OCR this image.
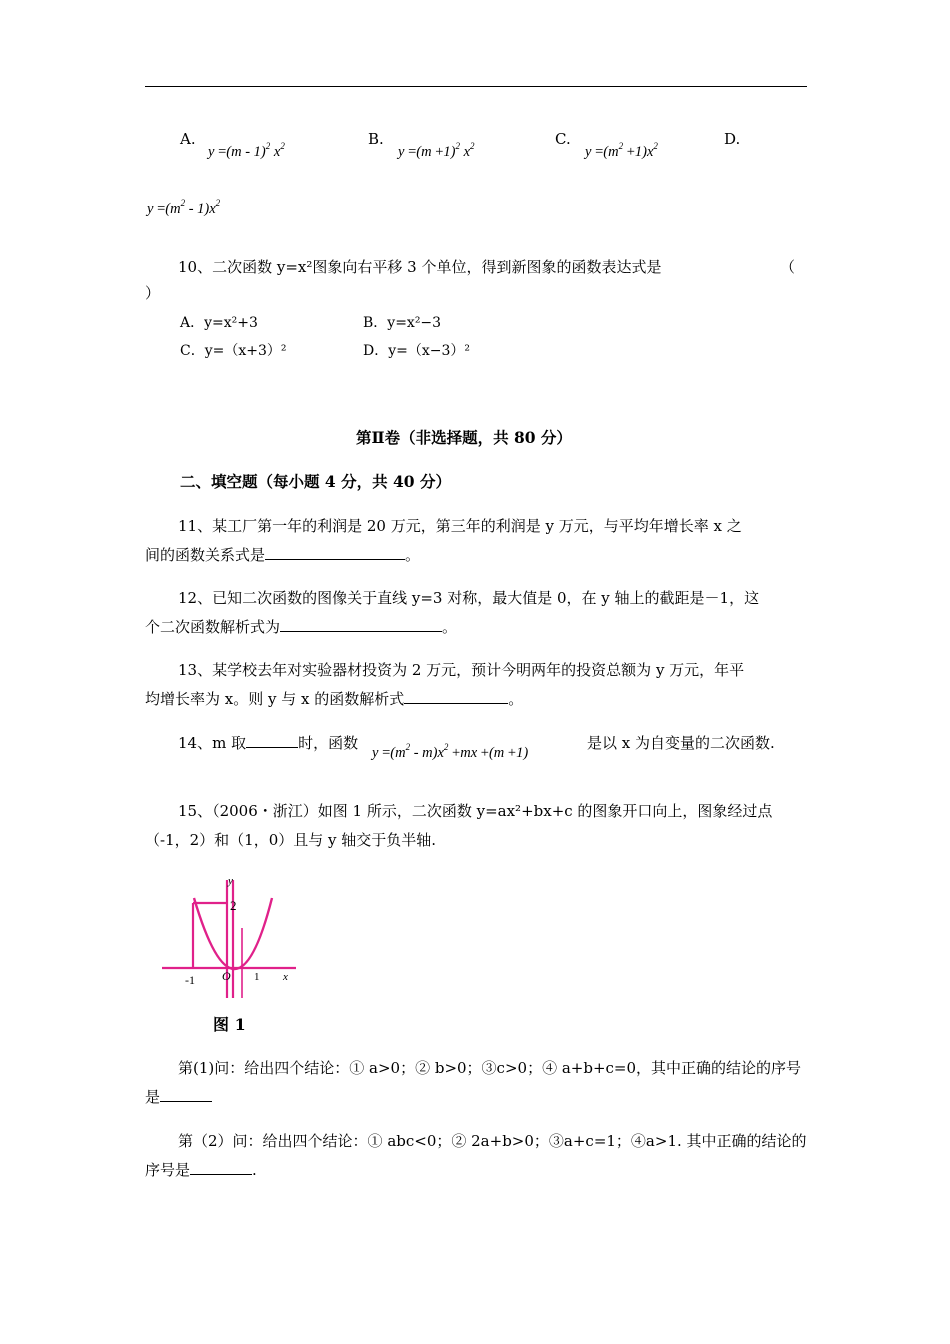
A.
y =(m - 1)$^2$ $x^2$	B.
$y =(m +1)^2$ $x^2$	C.
$y =(m^2 +1)x^2$	D.
$y =(m^2 - 1)x^2$
10、二次函数 y=x²图象向右平移 3 个单位，得到新图象的函数表达式是	（
）
A．y=x²+3	B．y=x²−3
C．y=（x+3）²	D．y=（x−3）²
第Ⅱ卷（非选择题，共 80 分）
二、填空题（每小题 4 分，共 40 分）
11、某工厂第一年的利润是 20 万元，第三年的利润是 y 万元，与平均年增长率 x 之
间的函数关系式是	。
12、已知二次函数的图像关于直线 y=3 对称，最大值是 0，在 y 轴上的截距是－1，这
个二次函数解析式为	。
13、某学校去年对实验器材投资为 2 万元，预计今明两年的投资总额为 y 万元，年平
均增长率为 x。则 y 与 x 的函数解析式	。
14、m 取	时，函数
$y =(m^2 - m)x^2 +mx +(m +1)$
是以 x 为自变量的二次函数.
15、（2006・浙江）如图 1 所示，二次函数 y=ax²+bx+c 的图象开口向上，图象经过点
（-1，2）和（1，0）且与 y 轴交于负半轴.
y
x
2
-1	1
O
图 1
第(1)问：给出四个结论：① a>0；② b>0；③c>0；④ a+b+c=0，其中正确的结论的序号
是
第（2）问：给出四个结论：① abc<0；② 2a+b>0；③a+c=1；④a>1. 其中正确的结论的
序号是	.
